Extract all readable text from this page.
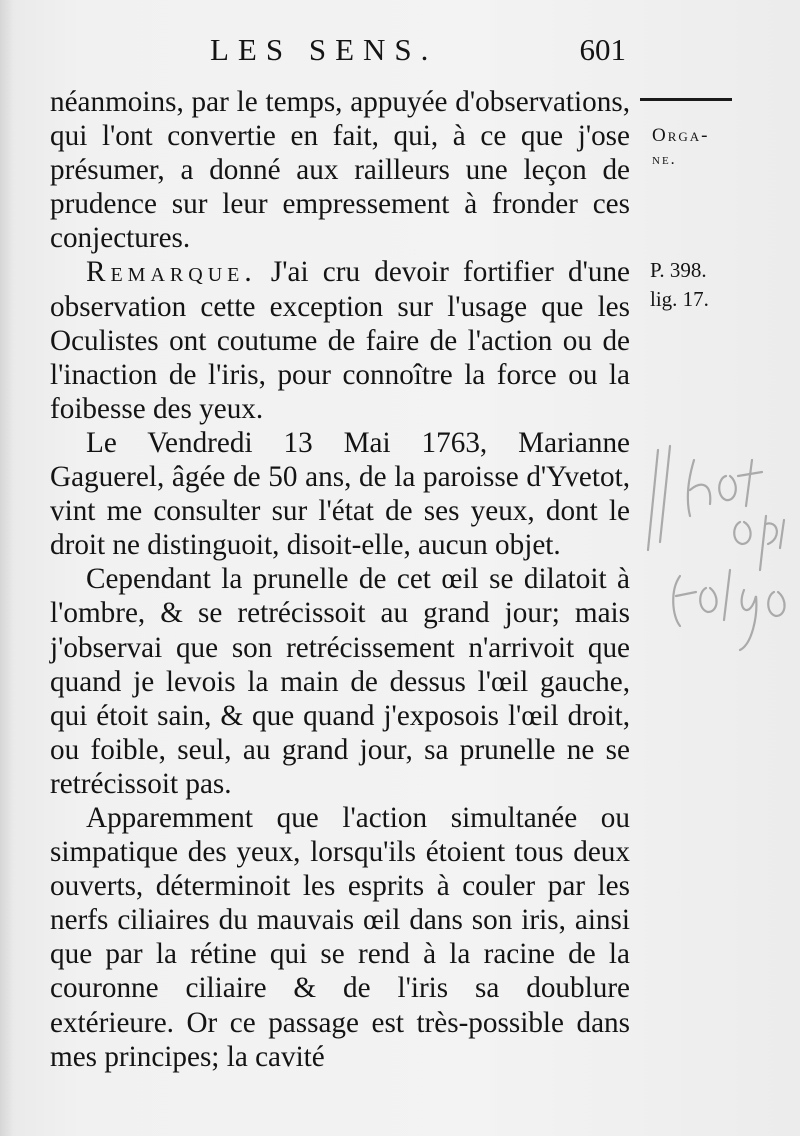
LES SENS.	601

néanmoins, par le temps, appuyée d'observations, qui l'ont convertie en fait, qui, à ce que j'ose présumer, a donné aux railleurs une leçon de prudence sur leur empressement à fronder ces conjectures.

Remarque. J'ai cru devoir fortifier d'une observation cette exception sur l'usage que les Oculistes ont coutume de faire de l'action ou de l'inaction de l'iris, pour connoître la force ou la foibesse des yeux.

Le Vendredi 13 Mai 1763, Marianne Gaguerel, âgée de 50 ans, de la paroisse d'Yvetot, vint me consulter sur l'état de ses yeux, dont le droit ne distinguoit, disoit-elle, aucun objet.

Cependant la prunelle de cet œil se dilatoit à l'ombre, & se retrécissoit au grand jour; mais j'observai que son retrécissement n'arrivoit que quand je levois la main de dessus l'œil gauche, qui étoit sain, & que quand j'exposois l'œil droit, ou foible, seul, au grand jour, sa prunelle ne se retrécissoit pas.

Apparemment que l'action simultanée ou simpatique des yeux, lorsqu'ils étoient tous deux ouverts, déterminoit les esprits à couler par les nerfs ciliaires du mauvais œil dans son iris, ainsi que par la rétine qui se rend à la racine de la couronne ciliaire & de l'iris sa doublure extérieure. Or ce passage est très-possible dans mes principes; la cavité

Orga-
ne.
P. 398.
lig. 17.
